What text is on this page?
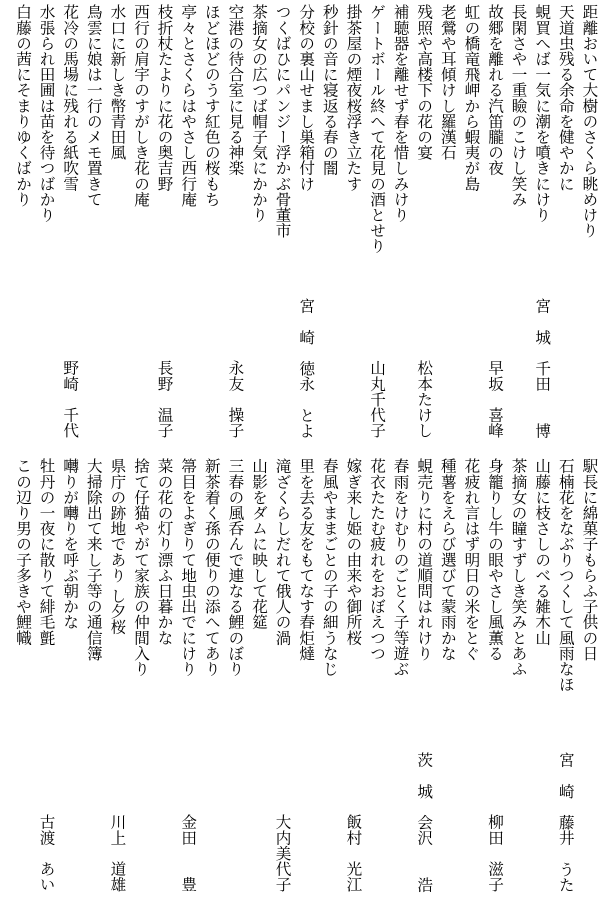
距離おいて大樹のさくら眺めけり
天道虫残る余命を健やかに
蜆買へば一気に潮を噴きにけり
宮　城　千田　　博
長閑さや一重瞼のこけし笑み
故郷を離れる汽笛朧の夜
早坂　喜峰
虹の橋竜飛岬から蝦夷が島
老鶯や耳傾けし羅漢石
残照や高楼下の花の宴
松本たけし
補聴器を離せず春を惜しみけり
ゲートボール終へて花見の酒とせり
山丸千代子
掛茶屋の煙夜桜浮き立たす
秒針の音に寝返る春の闇
分校の裏山せまし巣箱付け
宮　崎　徳永　とよ
つくばひにパンジー浮かぶ骨董市
茶摘女の広つば帽子気にかかり
空港の待合室に見る神楽
永友　操子
ほどほどのうす紅色の桜もち
亭々とさくらはやさし西行庵
枝折杖たよりに花の奥吉野
長野　温子
西行の肩宇のすがしき花の庵
水口に新しき幣青田風
鳥雲に娘は一行のメモ置きて
花冷の馬場に残れる紙吹雪
野崎　千代
水張られ田圃は苗を待つばかり
白藤の茜にそまりゆくばかり
駅長に綿菓子もらふ子供の日
石楠花をなぶりつくして風雨なほ
宮　崎　藤井　うた
山藤に枝さしのべる雑木山
茶摘女の瞳すずしき笑みとあふ
身籠りし牛の眼やさし風薫る
柳田　滋子
花疲れ言はず明日の米をとぐ
種薯をえらび選びて蒙雨かな
蜆売りに村の道順問はれけり
茨　城　会沢　　浩
春雨をけむりのごとく子等遊ぶ
花衣たたむ疲れをおぼえつつ
嫁ぎ来し姫の由来や御所桜
飯村　光江
春風やままごとの子の細うなじ
里を去る友をもてなす春炬燵
滝ざくらしだれて俄人の渦
大内美代子
山影をダムに映して花筵
三春の風呑んで連なる鯉のぼり
新茶着く孫の便りの添へてあり
箒目をよぎりて地虫出でにけり
金田　　豊
菜の花の灯り漂ふ日暮かな
捨て仔猫やがて家族の仲間入り
県庁の跡地であり し夕桜
川上　道雄
大掃除出て来し子等の通信簿
囀りが囀りを呼ぶ朝かな
牡丹の一夜に散りて緋毛氈
古渡　あい
この辺り男の子多きや鯉幟
